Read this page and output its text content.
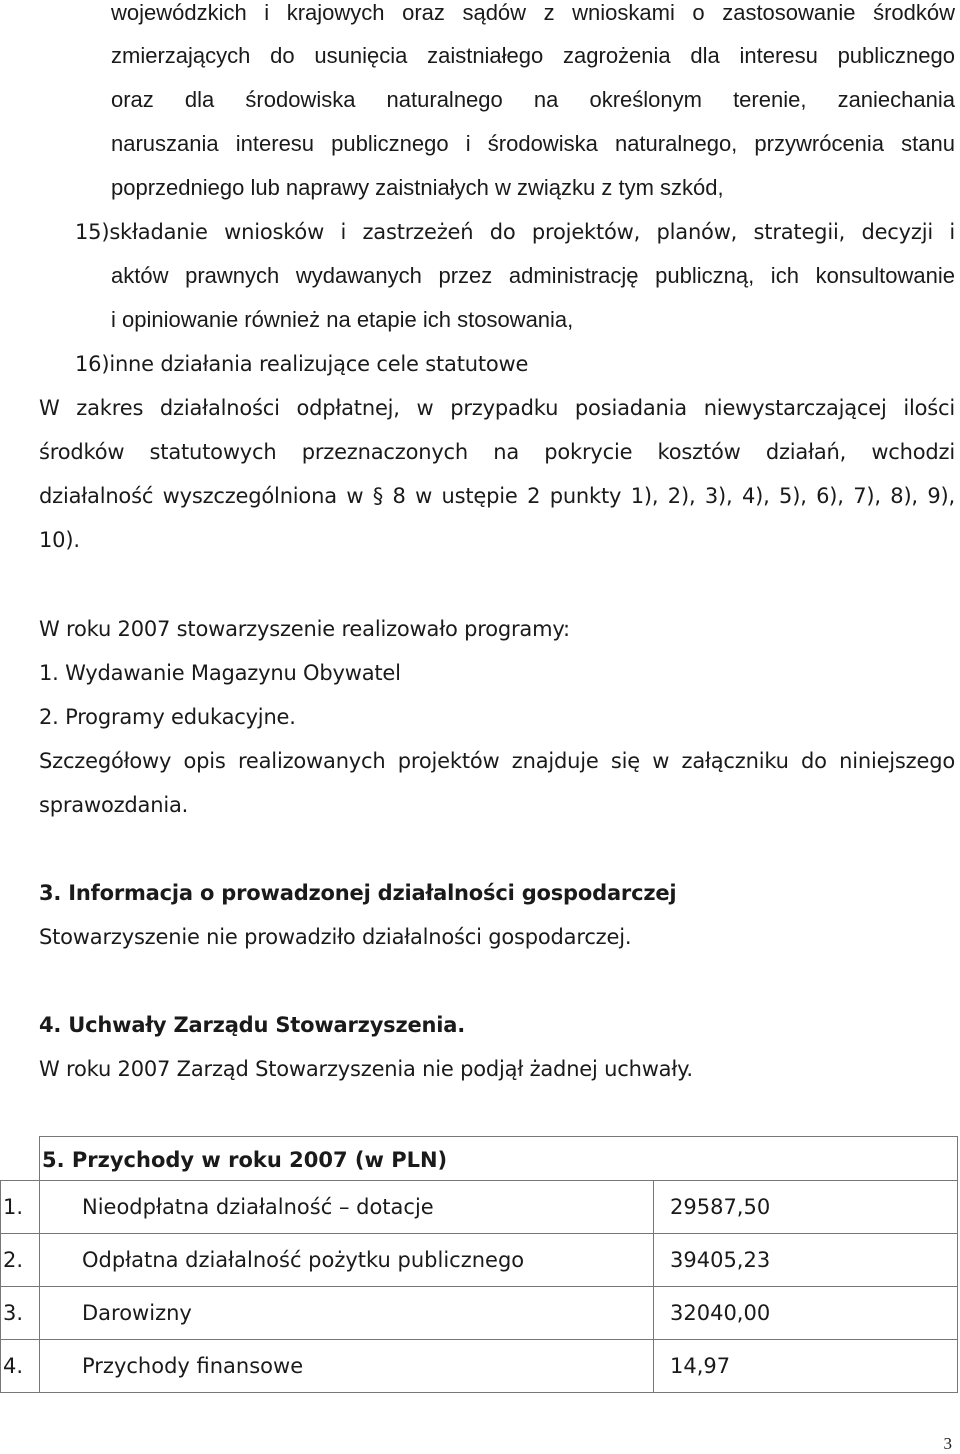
wojewódzkich i krajowych oraz sądów z wnioskami o zastosowanie środków
zmierzających do usunięcia zaistniałego zagrożenia dla interesu publicznego
oraz dla środowiska naturalnego na określonym terenie, zaniechania
naruszania interesu publicznego i środowiska naturalnego, przywrócenia stanu
poprzedniego lub naprawy zaistniałych w związku z tym szkód,
15)składanie wniosków i zastrzeżeń do projektów, planów, strategii, decyzji i
aktów prawnych wydawanych przez administrację publiczną, ich konsultowanie
i opiniowanie również na etapie ich stosowania,
16)inne działania realizujące cele statutowe
W zakres działalności odpłatnej, w przypadku posiadania niewystarczającej ilości
środków statutowych przeznaczonych na pokrycie kosztów działań, wchodzi
działalność wyszczególniona w § 8 w ustępie 2 punkty 1), 2), 3), 4), 5), 6), 7), 8), 9),
10).
W roku 2007 stowarzyszenie realizowało programy:
1. Wydawanie Magazynu Obywatel
2. Programy edukacyjne.
Szczegółowy opis realizowanych projektów znajduje się w załączniku do niniejszego
sprawozdania.
3. Informacja o prowadzonej działalności gospodarczej
Stowarzyszenie nie prowadziło działalności gospodarczej.
4. Uchwały Zarządu Stowarzyszenia.
W roku 2007 Zarząd Stowarzyszenia nie podjął żadnej uchwały.
	5. Przychody w roku 2007 (w PLN)	
1.	Nieodpłatna działalność – dotacje	29587,50
2.	Odpłatna działalność pożytku publicznego	39405,23
3.	Darowizny	32040,00
4.	Przychody finansowe	14,97
3
